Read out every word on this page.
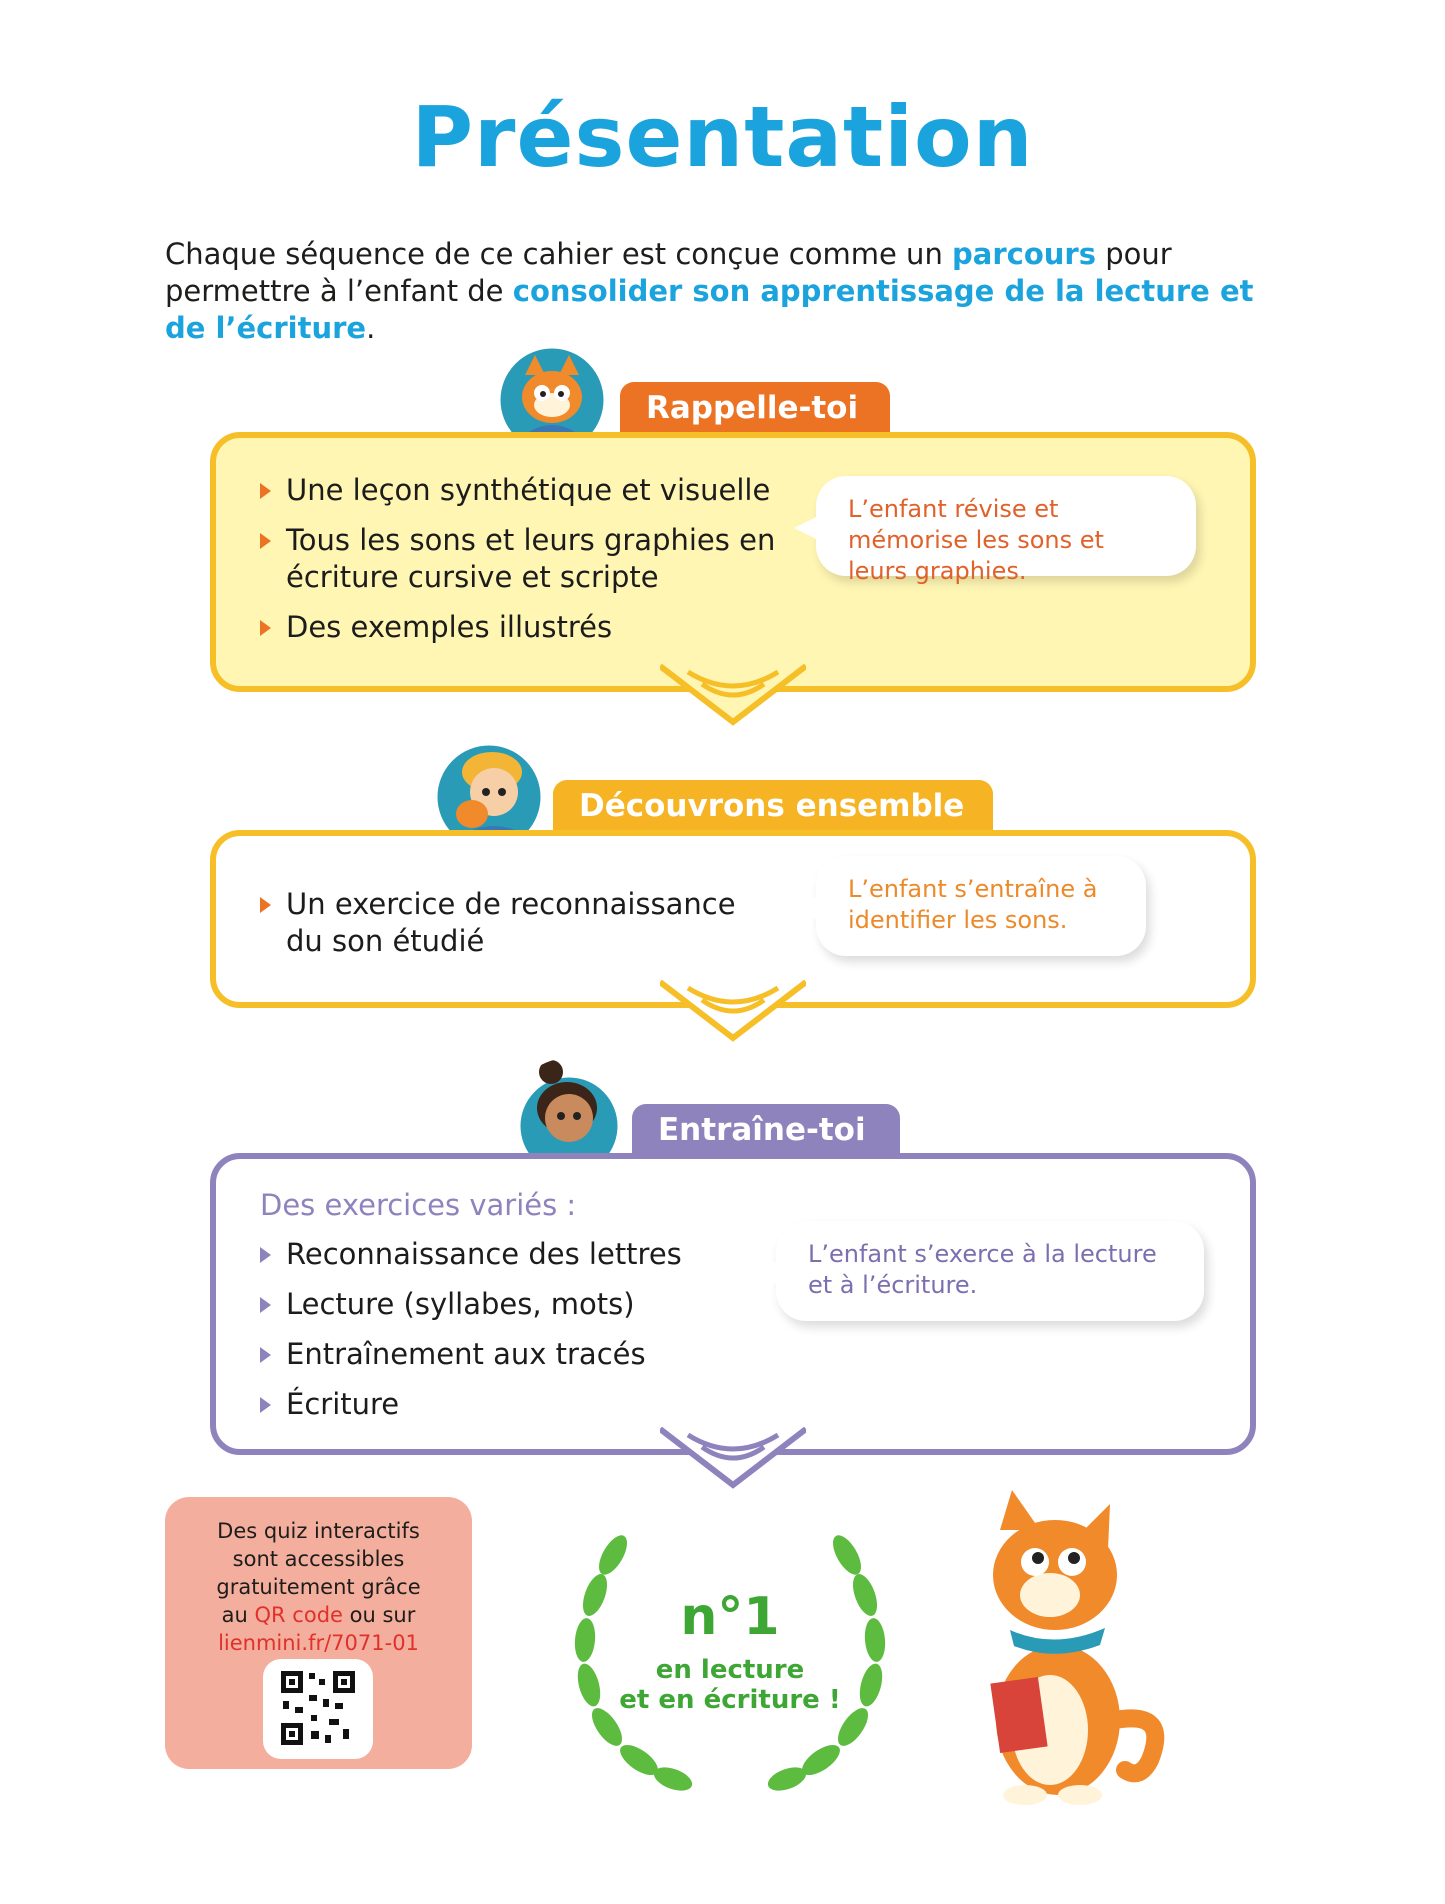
Présentation
Chaque séquence de ce cahier est conçue comme un parcours pour permettre à l’enfant de consolider son apprentissage de la lecture et de l’écriture.
Rappelle-toi
Une leçon synthétique et visuelle
Tous les sons et leurs graphies en écriture cursive et scripte
Des exemples illustrés
L’enfant révise et mémorise les sons et leurs graphies.
Découvrons ensemble
Un exercice de reconnaissance du son étudié
L’enfant s’entraîne à identifier les sons.
Entraîne-toi
Des exercices variés :
Reconnaissance des lettres
Lecture (syllabes, mots)
Entraînement aux tracés
Écriture
L’enfant s’exerce à la lecture et à l’écriture.
Des quiz interactifs
sont accessibles
gratuitement grâce
au QR code ou sur
lienmini.fr/7071-01	n°1
en lecture
et en écriture !
